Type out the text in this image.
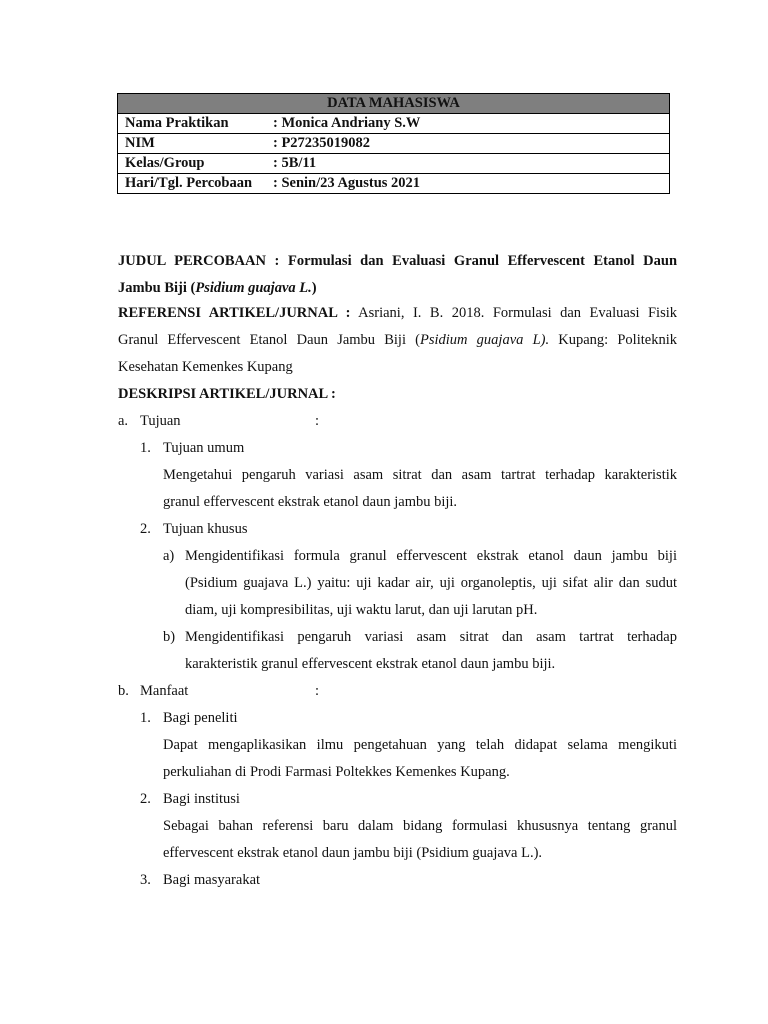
DATA MAHASISWA	
Nama Praktikan	: Monica Andriany S.W
NIM	: P27235019082
Kelas/Group	: 5B/11
Hari/Tgl. Percobaan	: Senin/23 Agustus 2021
JUDUL PERCOBAAN : Formulasi dan Evaluasi Granul Effervescent Etanol Daun
Jambu Biji (Psidium guajava L.)
REFERENSI ARTIKEL/JURNAL : Asriani, I. B. 2018. Formulasi dan Evaluasi Fisik
Granul Effervescent Etanol Daun Jambu Biji (Psidium guajava L). Kupang: Politeknik
Kesehatan Kemenkes Kupang
DESKRIPSI ARTIKEL/JURNAL :
a. Tujuan	:
1. Tujuan umum
Mengetahui pengaruh variasi asam sitrat dan asam tartrat terhadap karakteristik
granul effervescent ekstrak etanol daun jambu biji.
2. Tujuan khusus
a) Mengidentifikasi formula granul effervescent ekstrak etanol daun jambu biji
(Psidium guajava L.) yaitu: uji kadar air, uji organoleptis, uji sifat alir dan sudut
diam, uji kompresibilitas, uji waktu larut, dan uji larutan pH.
b) Mengidentifikasi pengaruh variasi asam sitrat dan asam tartrat terhadap
karakteristik granul effervescent ekstrak etanol daun jambu biji.
b. Manfaat	:
1. Bagi peneliti
Dapat mengaplikasikan ilmu pengetahuan yang telah didapat selama mengikuti
perkuliahan di Prodi Farmasi Poltekkes Kemenkes Kupang.
2. Bagi institusi
Sebagai bahan referensi baru dalam bidang formulasi khususnya tentang granul
effervescent ekstrak etanol daun jambu biji (Psidium guajava L.).
3. Bagi masyarakat
